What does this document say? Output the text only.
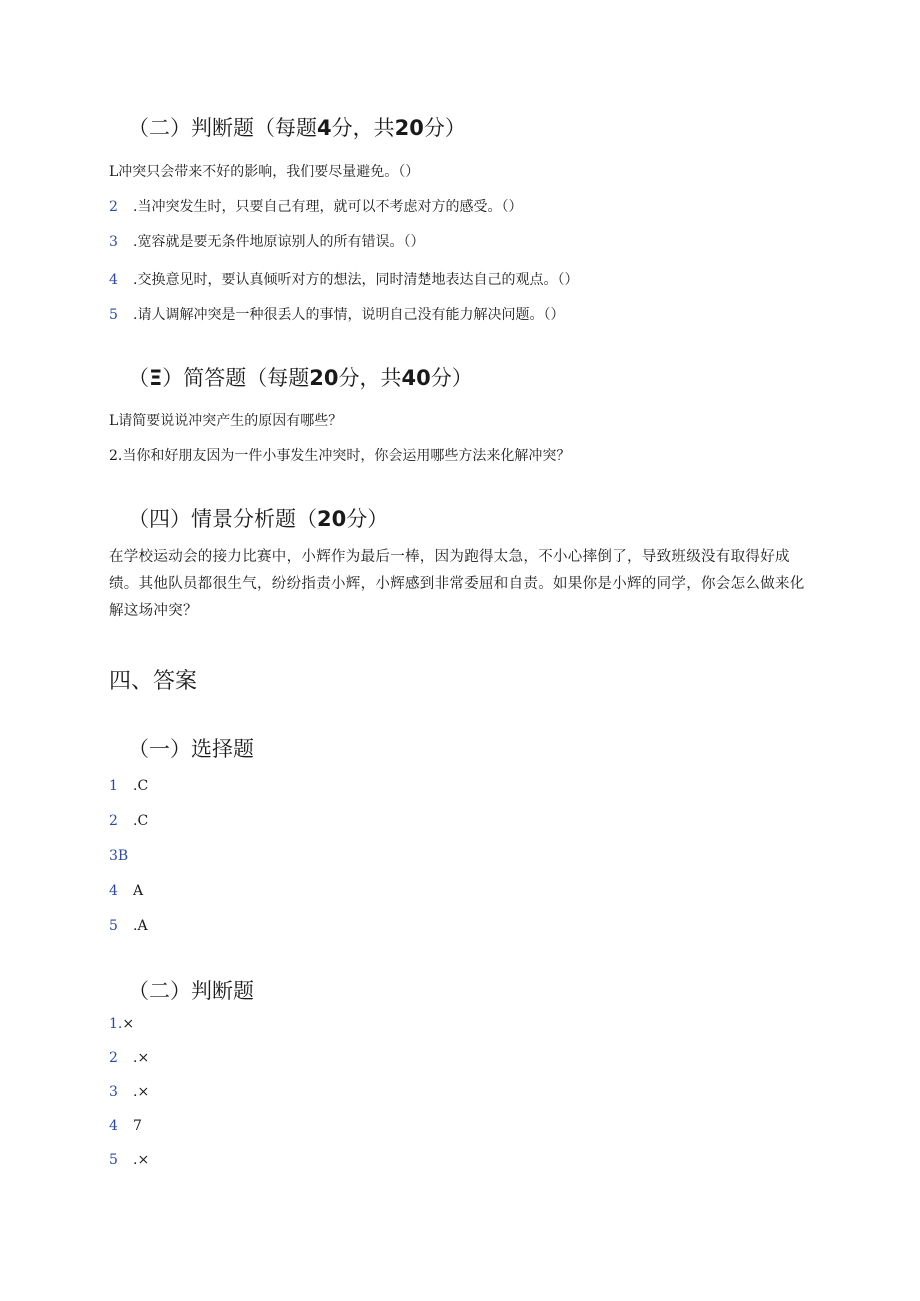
（二）判断题（每题4分，共20分）
L冲突只会带来不好的影响，我们要尽量避免。（）
2 .当冲突发生时，只要自己有理，就可以不考虑对方的感受。（）
3 .宽容就是要无条件地原谅别人的所有错误。（）
4 .交换意见时，要认真倾听对方的想法，同时清楚地表达自己的观点。（）
5 .请人调解冲突是一种很丢人的事情，说明自己没有能力解决问题。（）
（Ξ）简答题（每题20分，共40分）
L请简要说说冲突产生的原因有哪些？
2.当你和好朋友因为一件小事发生冲突时，你会运用哪些方法来化解冲突？
（四）情景分析题（20分）
在学校运动会的接力比赛中，小辉作为最后一棒，因为跑得太急，不小心摔倒了，导致班级没有取得好成绩。其他队员都很生气，纷纷指责小辉，小辉感到非常委屈和自责。如果你是小辉的同学，你会怎么做来化解这场冲突？
四、答案
（一）选择题
1 .C
2 .C
3B
4 A
5 .A
（二）判断题
1.×
2 .×
3 .×
4 7
5 .×
